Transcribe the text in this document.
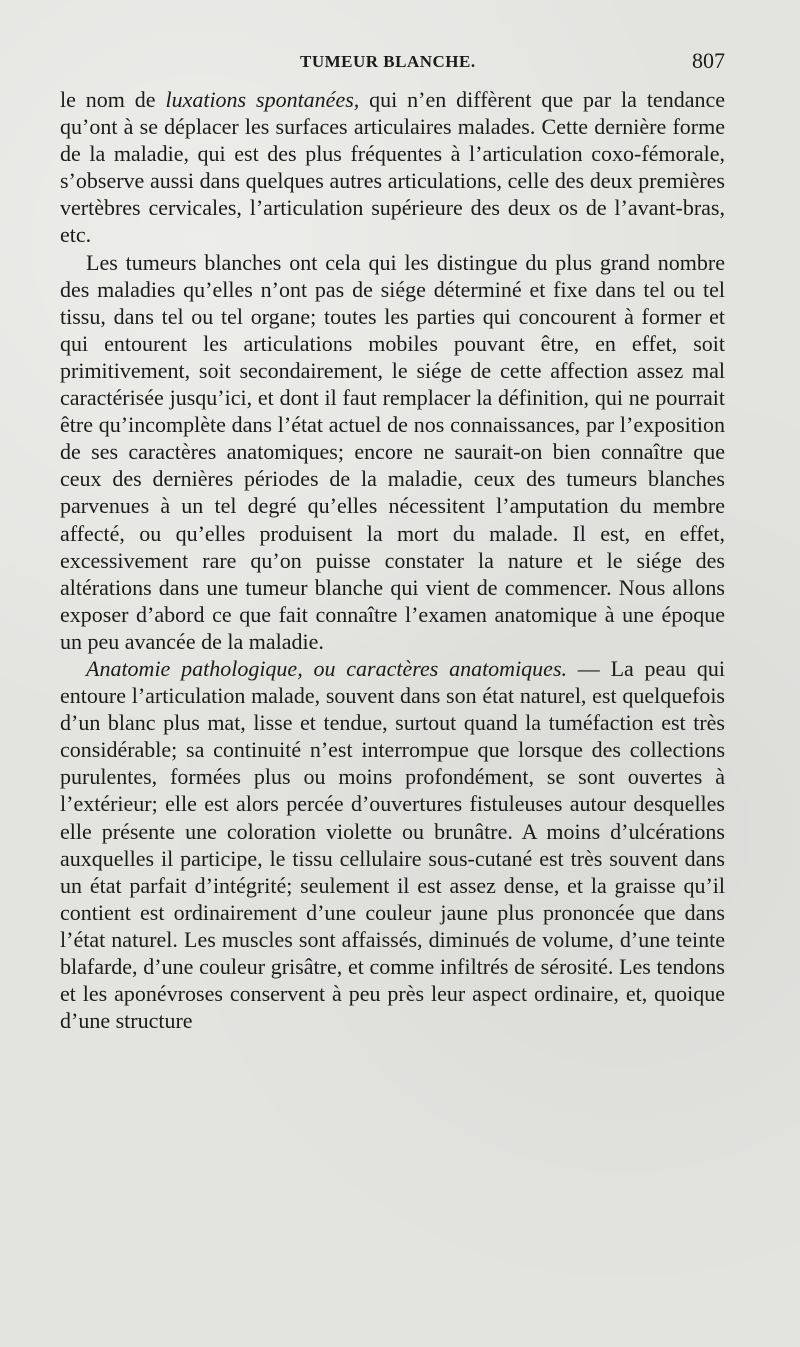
TUMEUR BLANCHE.	807

le nom de luxations spontanées, qui n’en diffèrent que par la tendance qu’ont à se déplacer les surfaces articulaires malades. Cette dernière forme de la maladie, qui est des plus fréquentes à l’articulation coxo-fémorale, s’observe aussi dans quelques autres articulations, celle des deux premières vertèbres cervicales, l’articulation supérieure des deux os de l’avant-bras, etc.

Les tumeurs blanches ont cela qui les distingue du plus grand nombre des maladies qu’elles n’ont pas de siége déterminé et fixe dans tel ou tel tissu, dans tel ou tel organe; toutes les parties qui concourent à former et qui entourent les articulations mobiles pouvant être, en effet, soit primitivement, soit secondairement, le siége de cette affection assez mal caractérisée jusqu’ici, et dont il faut remplacer la définition, qui ne pourrait être qu’incomplète dans l’état actuel de nos connaissances, par l’exposition de ses caractères anatomiques; encore ne saurait-on bien connaître que ceux des dernières périodes de la maladie, ceux des tumeurs blanches parvenues à un tel degré qu’elles nécessitent l’amputation du membre affecté, ou qu’elles produisent la mort du malade. Il est, en effet, excessivement rare qu’on puisse constater la nature et le siége des altérations dans une tumeur blanche qui vient de commencer. Nous allons exposer d’abord ce que fait connaître l’examen anatomique à une époque un peu avancée de la maladie.

Anatomie pathologique, ou caractères anatomiques. — La peau qui entoure l’articulation malade, souvent dans son état naturel, est quelquefois d’un blanc plus mat, lisse et tendue, surtout quand la tuméfaction est très considérable; sa continuité n’est interrompue que lorsque des collections purulentes, formées plus ou moins profondément, se sont ouvertes à l’extérieur; elle est alors percée d’ouvertures fistuleuses autour desquelles elle présente une coloration violette ou brunâtre. A moins d’ulcérations auxquelles il participe, le tissu cellulaire sous-cutané est très souvent dans un état parfait d’intégrité; seulement il est assez dense, et la graisse qu’il contient est ordinairement d’une couleur jaune plus prononcée que dans l’état naturel. Les muscles sont affaissés, diminués de volume, d’une teinte blafarde, d’une couleur grisâtre, et comme infiltrés de sérosité. Les tendons et les aponévroses conservent à peu près leur aspect ordinaire, et, quoique d’une structure
